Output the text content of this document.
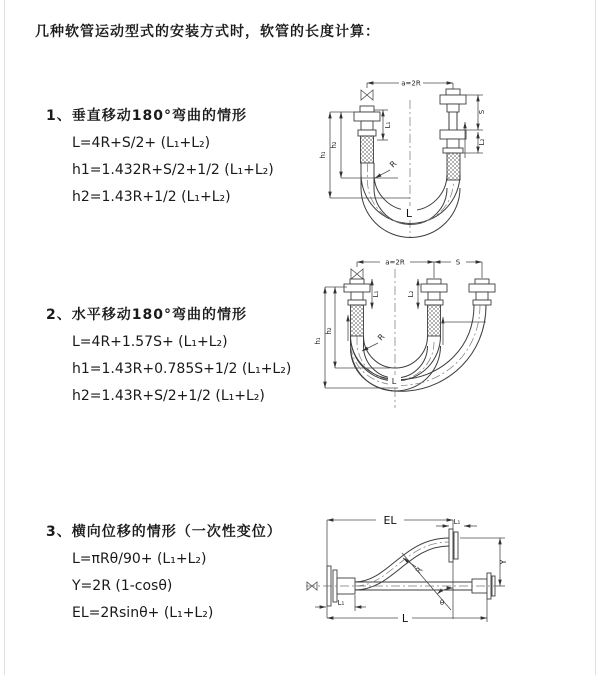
几种软管运动型式的安装方式时，软管的长度计算：
1、垂直移动180°弯曲的情形
L=4R+S/2+ (L₁+L₂)
h1=1.432R+S/2+1/2 (L₁+L₂)
h2=1.43R+1/2 (L₁+L₂)
2、水平移动180°弯曲的情形
L=4R+1.57S+ (L₁+L₂)
h1=1.43R+0.785S+1/2 (L₁+L₂)
h2=1.43R+S/2+1/2 (L₁+L₂)
3、横向位移的情形（一次性变位）
L=πRθ/90+ (L₁+L₂)
Y=2R (1-cosθ)
EL=2Rsinθ+ (L₁+L₂)
a=2R
L₁
S
L₂
h₁
h₂
R
L
a=2R	S
L₁	L₂
h₁
h₂
R
L
EL	L₁
Y
R
θ
L₁
L
